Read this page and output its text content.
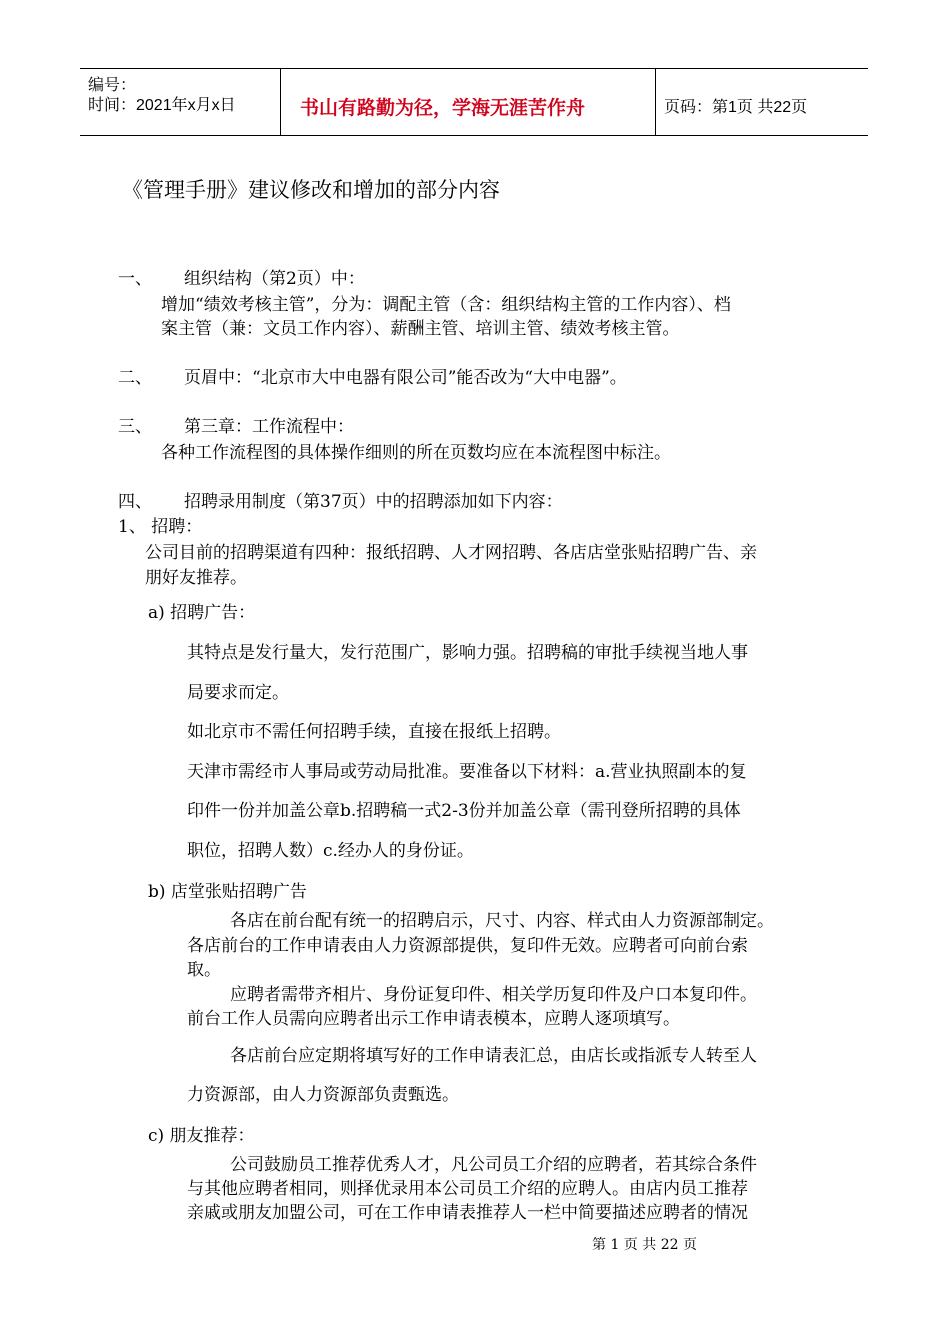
编号：
时间：2021年x月x日	书山有路勤为径，学海无涯苦作舟	页码：第1页 共22页
《管理手册》建议修改和增加的部分内容
一、 组织结构（第2页）中：
增加“绩效考核主管”，分为：调配主管（含：组织结构主管的工作内容）、档
案主管（兼：文员工作内容）、薪酬主管、培训主管、绩效考核主管。
二、 页眉中：“北京市大中电器有限公司”能否改为“大中电器”。
三、 第三章：工作流程中：
各种工作流程图的具体操作细则的所在页数均应在本流程图中标注。
四、 招聘录用制度（第37页）中的招聘添加如下内容：
1、 招聘：
公司目前的招聘渠道有四种：报纸招聘、人才网招聘、各店店堂张贴招聘广告、亲
朋好友推荐。
a) 招聘广告：
其特点是发行量大，发行范围广，影响力强。招聘稿的审批手续视当地人事
局要求而定。
如北京市不需任何招聘手续，直接在报纸上招聘。
天津市需经市人事局或劳动局批准。要准备以下材料：a.营业执照副本的复
印件一份并加盖公章b.招聘稿一式2-3份并加盖公章（需刊登所招聘的具体
职位，招聘人数）c.经办人的身份证。
b) 店堂张贴招聘广告
各店在前台配有统一的招聘启示，尺寸、内容、样式由人力资源部制定。
各店前台的工作申请表由人力资源部提供，复印件无效。应聘者可向前台索
取。
应聘者需带齐相片、身份证复印件、相关学历复印件及户口本复印件。
前台工作人员需向应聘者出示工作申请表模本，应聘人逐项填写。
各店前台应定期将填写好的工作申请表汇总，由店长或指派专人转至人
力资源部，由人力资源部负责甄选。
c) 朋友推荐：
公司鼓励员工推荐优秀人才，凡公司员工介绍的应聘者，若其综合条件
与其他应聘者相同，则择优录用本公司员工介绍的应聘人。由店内员工推荐
亲戚或朋友加盟公司，可在工作申请表推荐人一栏中简要描述应聘者的情况
第 1 页 共 22 页
